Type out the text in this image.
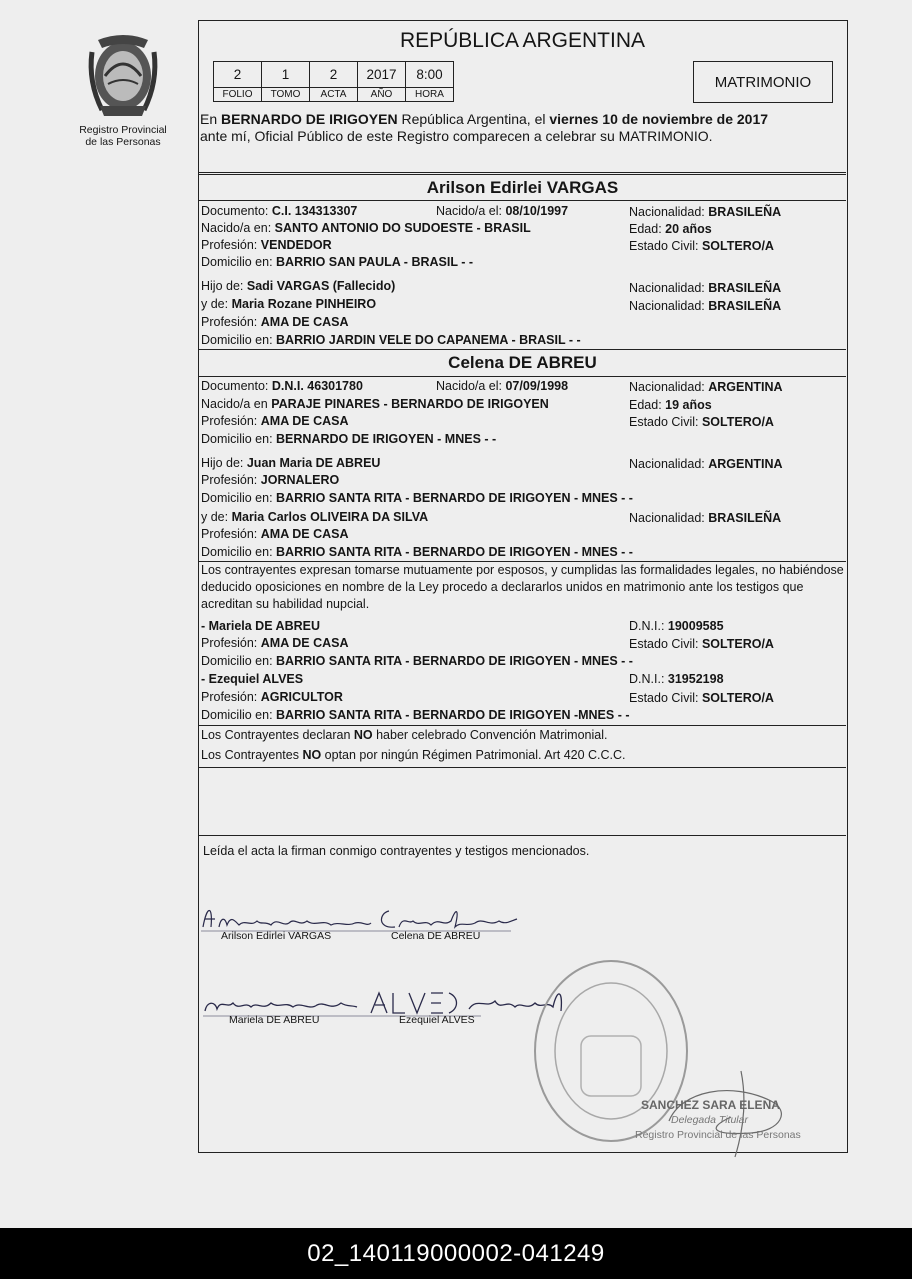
Registro Provincial
de las Personas
REPÚBLICA ARGENTINA
2	1	2	2017	8:00
FOLIO	TOMO	ACTA	AÑO	HORA
MATRIMONIO
En BERNARDO DE IRIGOYEN República Argentina, el viernes 10 de noviembre de 2017
ante mí, Oficial Público de este Registro comparecen a celebrar su MATRIMONIO.
Arilson Edirlei VARGAS
Documento: C.I. 134313307	Nacido/a el: 08/10/1997	Nacionalidad: BRASILEÑA
Nacido/a en: SANTO ANTONIO DO SUDOESTE - BRASIL	Edad: 20 años
Profesión: VENDEDOR	Estado Civil: SOLTERO/A
Domicilio en: BARRIO SAN PAULA - BRASIL - -
Hijo de: Sadi VARGAS (Fallecido)	Nacionalidad: BRASILEÑA
y de: Maria Rozane PINHEIRO	Nacionalidad: BRASILEÑA
Profesión: AMA DE CASA
Domicilio en: BARRIO JARDIN VELE DO CAPANEMA - BRASIL - -
Celena DE ABREU
Documento: D.N.I. 46301780	Nacido/a el: 07/09/1998	Nacionalidad: ARGENTINA
Nacido/a en PARAJE PINARES - BERNARDO DE IRIGOYEN	Edad: 19 años
Profesión: AMA DE CASA	Estado Civil: SOLTERO/A
Domicilio en: BERNARDO DE IRIGOYEN - MNES - -
Hijo de: Juan Maria DE ABREU	Nacionalidad: ARGENTINA
Profesión: JORNALERO
Domicilio en: BARRIO SANTA RITA - BERNARDO DE IRIGOYEN - MNES - -
y de: Maria Carlos OLIVEIRA DA SILVA	Nacionalidad: BRASILEÑA
Profesión: AMA DE CASA
Domicilio en: BARRIO SANTA RITA - BERNARDO DE IRIGOYEN - MNES - -
Los contrayentes expresan tomarse mutuamente por esposos, y cumplidas las formalidades legales, no habiéndose deducido oposiciones en nombre de la Ley procedo a declararlos unidos en matrimonio ante los testigos que acreditan su habilidad nupcial.
- Mariela DE ABREU	D.N.I.: 19009585
Profesión: AMA DE CASA	Estado Civil: SOLTERO/A
Domicilio en: BARRIO SANTA RITA - BERNARDO DE IRIGOYEN - MNES - -
- Ezequiel ALVES	D.N.I.: 31952198
Profesión: AGRICULTOR	Estado Civil: SOLTERO/A
Domicilio en: BARRIO SANTA RITA - BERNARDO DE IRIGOYEN -MNES - -
Los Contrayentes declaran NO haber celebrado Convención Matrimonial.
Los Contrayentes NO optan por ningún Régimen Patrimonial. Art 420 C.C.C.
Leída el acta la firman conmigo contrayentes y testigos mencionados.
Arilson Edirlei VARGAS	Celena DE ABREU
Mariela DE ABREU	Ezequiel ALVES
SANCHEZ SARA ELENA
Delegada Titular
Registro Provincial de las Personas
02_140119000002-041249
